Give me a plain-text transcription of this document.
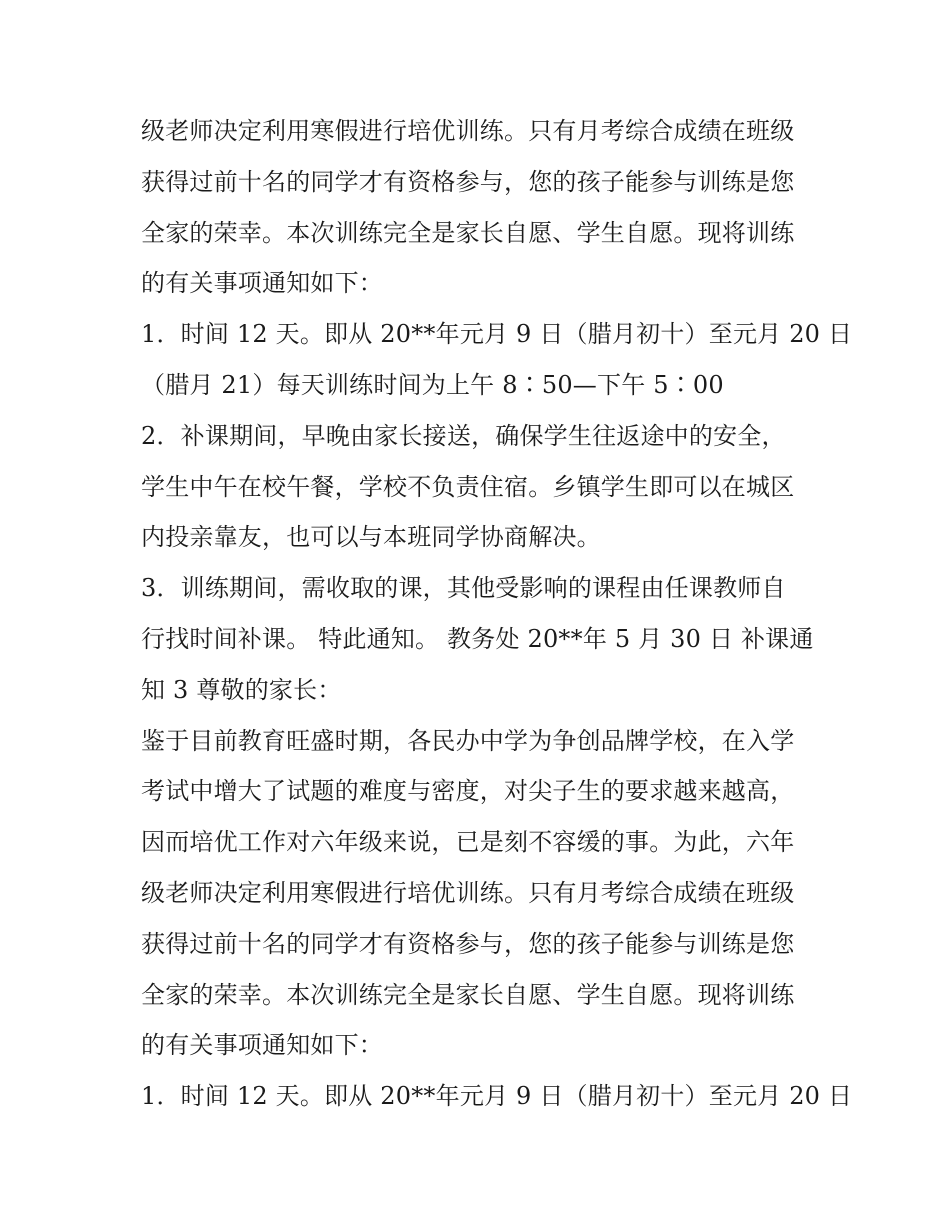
级老师决定利用寒假进行培优训练。只有月考综合成绩在班级
获得过前十名的同学才有资格参与，您的孩子能参与训练是您
全家的荣幸。本次训练完全是家长自愿、学生自愿。现将训练
的有关事项通知如下：
1．时间 12 天。即从 20**年元月 9 日（腊月初十）至元月 20 日
（腊月 21）每天训练时间为上午 8∶50—下午 5∶00
2．补课期间，早晚由家长接送，确保学生往返途中的安全，
学生中午在校午餐，学校不负责住宿。乡镇学生即可以在城区
内投亲靠友，也可以与本班同学协商解决。
3．训练期间，需收取的课，其他受影响的课程由任课教师自
行找时间补课。 特此通知。 教务处 20**年 5 月 30 日 补课通
知 3 尊敬的家长：
鉴于目前教育旺盛时期，各民办中学为争创品牌学校，在入学
考试中增大了试题的难度与密度，对尖子生的要求越来越高，
因而培优工作对六年级来说，已是刻不容缓的事。为此，六年
级老师决定利用寒假进行培优训练。只有月考综合成绩在班级
获得过前十名的同学才有资格参与，您的孩子能参与训练是您
全家的荣幸。本次训练完全是家长自愿、学生自愿。现将训练
的有关事项通知如下：
1．时间 12 天。即从 20**年元月 9 日（腊月初十）至元月 20 日
